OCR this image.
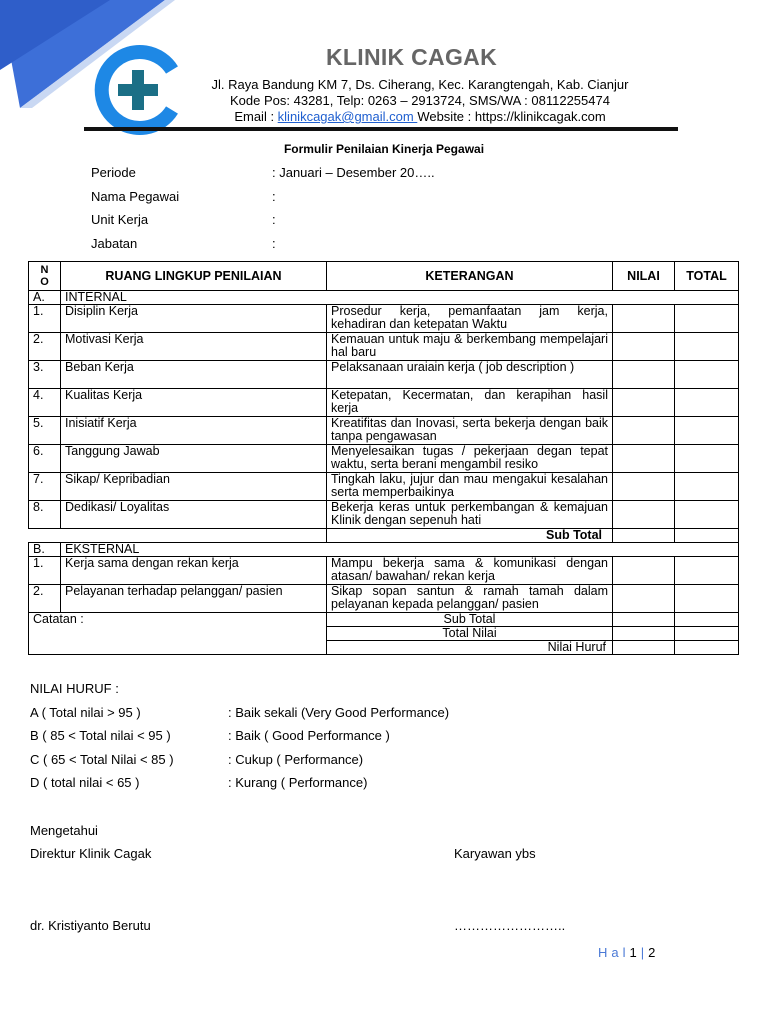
KLINIK CAGAK
Jl. Raya Bandung KM 7, Ds. Ciherang, Kec. Karangtengah, Kab. Cianjur
Kode Pos: 43281, Telp: 0263 – 2913724, SMS/WA : 08112255474
Email : klinikcagak@gmail.com Website : https://klinikcagak.com
Formulir Penilaian Kinerja Pegawai
Periode	: Januari – Desember 20…..
Nama Pegawai	:
Unit Kerja	:
Jabatan	:
N
O	RUANG LINGKUP PENILAIAN	KETERANGAN	NILAI	TOTAL
A.	INTERNAL			
1.	Disiplin Kerja	Prosedur kerja, pemanfaatan jam kerja, kehadiran dan ketepatan Waktu		
2.	Motivasi Kerja	Kemauan untuk maju & berkembang mempelajari hal baru		
3.	Beban Kerja	Pelaksanaan uraiain kerja ( job description )		
4.	Kualitas Kerja	Ketepatan, Kecermatan, dan kerapihan hasil kerja		
5.	Inisiatif Kerja	Kreatifitas dan Inovasi, serta bekerja dengan baik tanpa pengawasan		
6.	Tanggung Jawab	Menyelesaikan tugas / pekerjaan degan tepat waktu, serta berani mengambil resiko		
7.	Sikap/ Kepribadian	Tingkah laku, jujur dan mau mengakui kesalahan serta memperbaikinya		
8.	Dedikasi/ Loyalitas	Bekerja keras untuk perkembangan & kemajuan Klinik dengan sepenuh hati		
		Sub Total		
B.	EKSTERNAL			
1.	Kerja sama dengan rekan kerja	Mampu bekerja sama & komunikasi dengan atasan/ bawahan/ rekan kerja		
2.	Pelayanan terhadap pelanggan/ pasien	Sikap sopan santun & ramah tamah dalam pelayanan kepada pelanggan/ pasien		
Catatan :		Sub Total		
		Total Nilai		
		Nilai Huruf		
NILAI HURUF :
A ( Total nilai > 95 )	: Baik sekali (Very Good Performance)
B ( 85 < Total nilai < 95 )	: Baik ( Good Performance )
C ( 65 < Total Nilai < 85 )	: Cukup ( Performance)
D ( total nilai < 65 )	: Kurang ( Performance)
Mengetahui
Direktur Klinik Cagak	Karyawan ybs
dr. Kristiyanto Berutu	……………………..
Hal1 | 2
